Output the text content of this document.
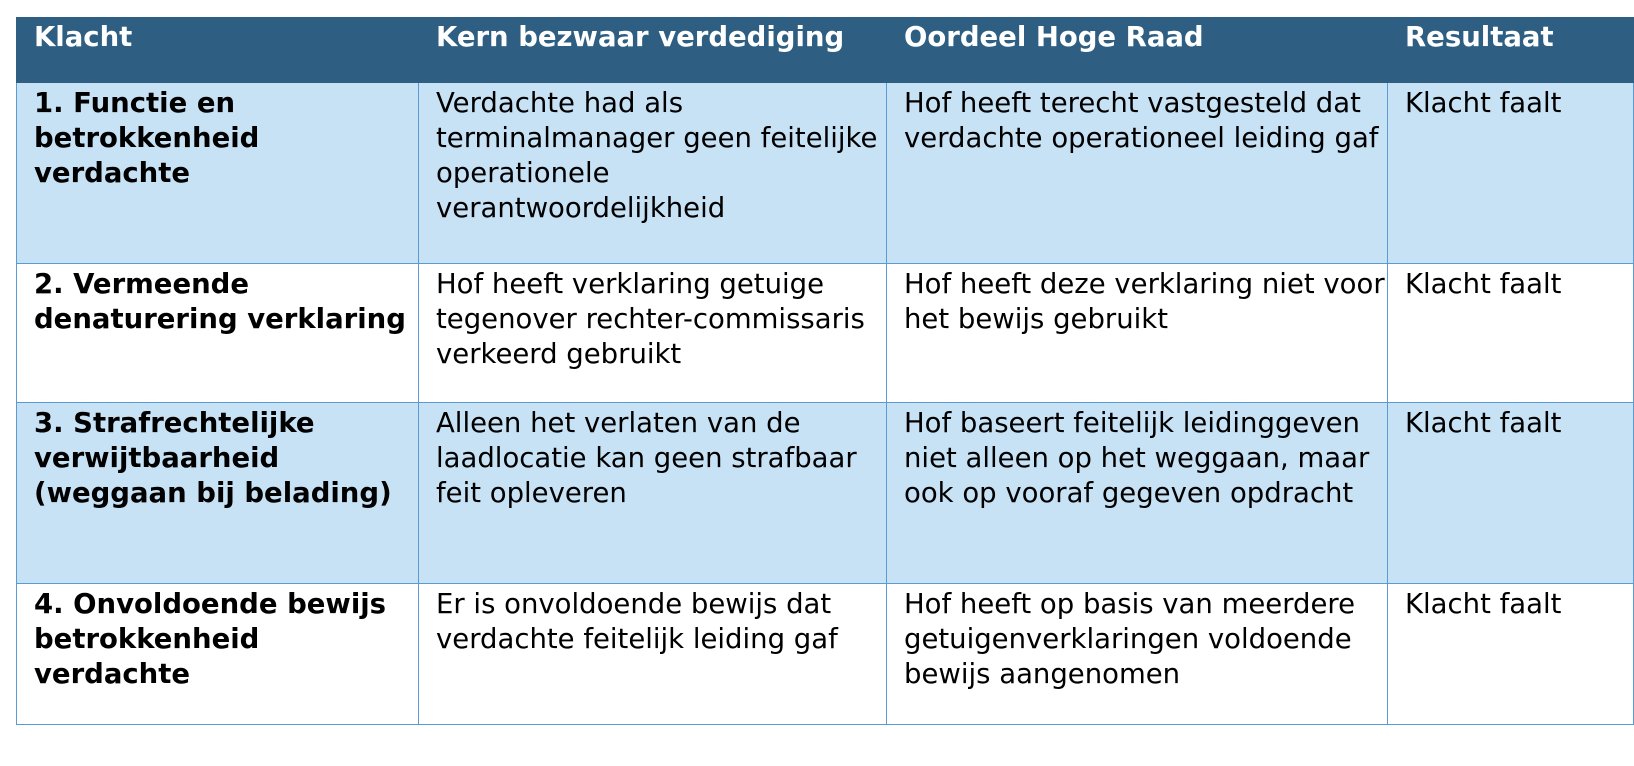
Klacht	Kern bezwaar verdediging	Oordeel Hoge Raad	Resultaat
1. Functie en betrokkenheid verdachte	Verdachte had als terminalmanager geen feitelijke operationele verantwoordelijkheid	Hof heeft terecht vastgesteld dat verdachte operationeel leiding gaf	Klacht faalt
2. Vermeende denaturering verklaring	Hof heeft verklaring getuige tegenover rechter-commissaris verkeerd gebruikt	Hof heeft deze verklaring niet voor het bewijs gebruikt	Klacht faalt
3. Strafrechtelijke verwijtbaarheid (weggaan bij belading)	Alleen het verlaten van de laadlocatie kan geen strafbaar feit opleveren	Hof baseert feitelijk leidinggeven niet alleen op het weggaan, maar ook op vooraf gegeven opdracht	Klacht faalt
4. Onvoldoende bewijs betrokkenheid verdachte	Er is onvoldoende bewijs dat verdachte feitelijk leiding gaf	Hof heeft op basis van meerdere getuigenverklaringen voldoende bewijs aangenomen	Klacht faalt
